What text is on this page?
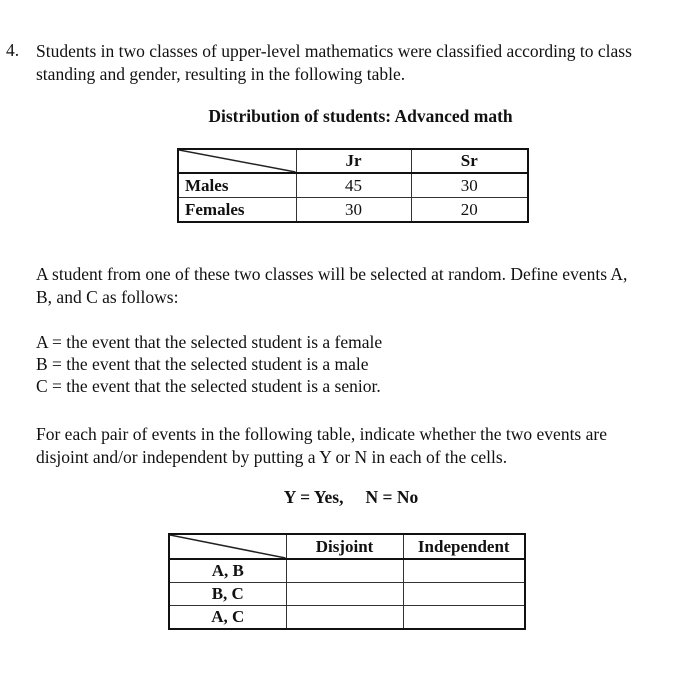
4. Students in two classes of upper-level mathematics were classified according to class
standing and gender, resulting in the following table.
Distribution of students: Advanced math
	Jr	Sr
Males	45	30
Females	30	20
A student from one of these two classes will be selected at random. Define events A,
B, and C as follows:
A = the event that the selected student is a female
B = the event that the selected student is a male
C = the event that the selected student is a senior.
For each pair of events in the following table, indicate whether the two events are
disjoint and/or independent by putting a Y or N in each of the cells.
Y = Yes, N = No
	Disjoint	Independent
A, B		
B, C		
A, C		
